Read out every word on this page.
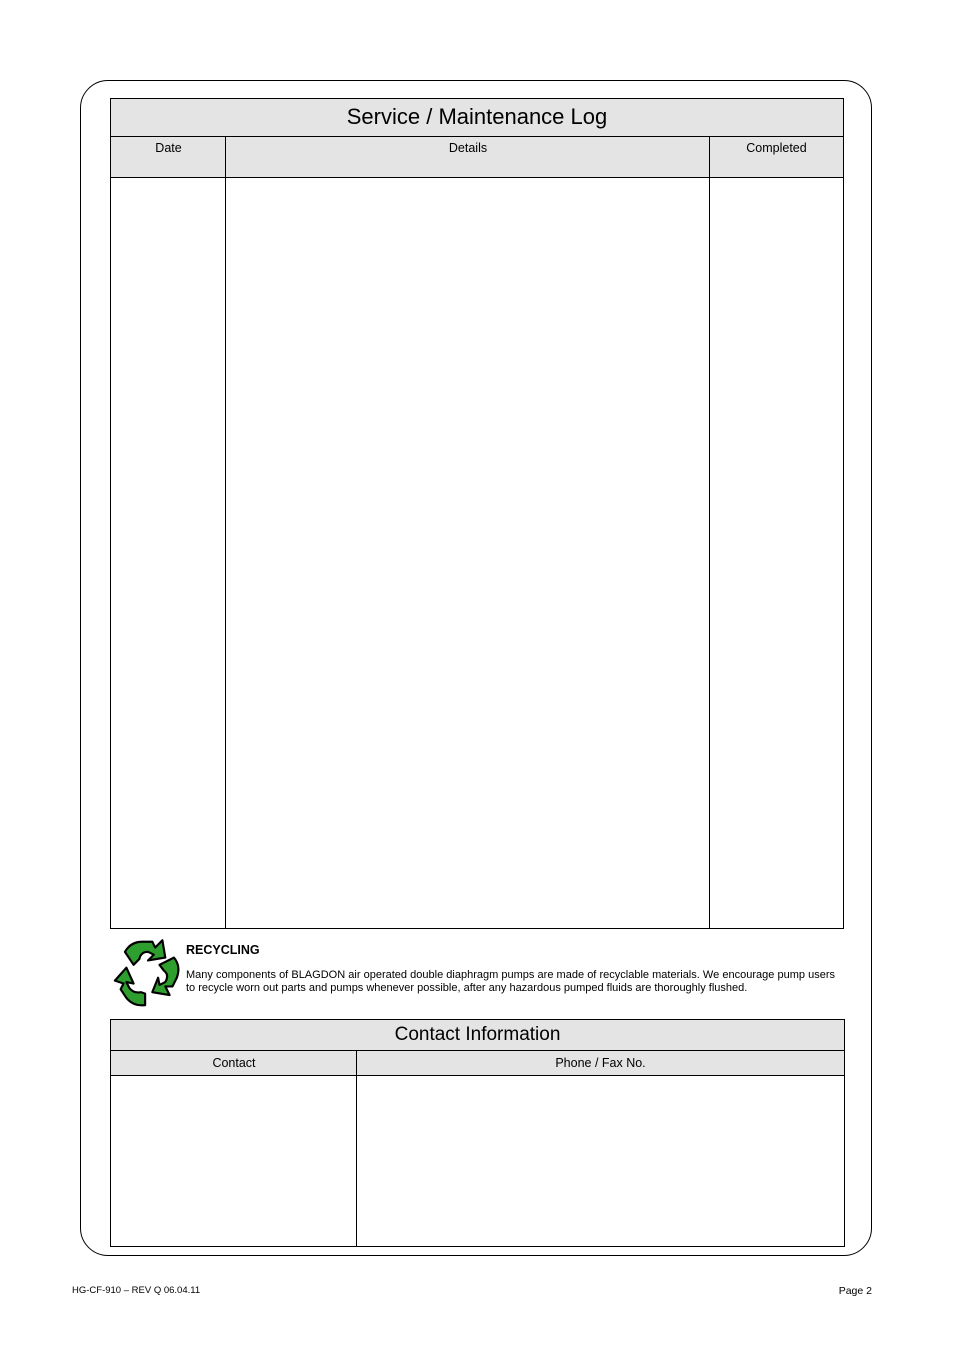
Service / Maintenance Log
Date	Details	Completed
RECYCLING
Many components of BLAGDON air operated double diaphragm pumps are made of recyclable materials. We encourage pump users to recycle worn out parts and pumps whenever possible, after any hazardous pumped fluids are thoroughly flushed.
Contact Information
Contact	Phone / Fax No.
HG-CF-910 – REV Q 06.04.11	Page 2
